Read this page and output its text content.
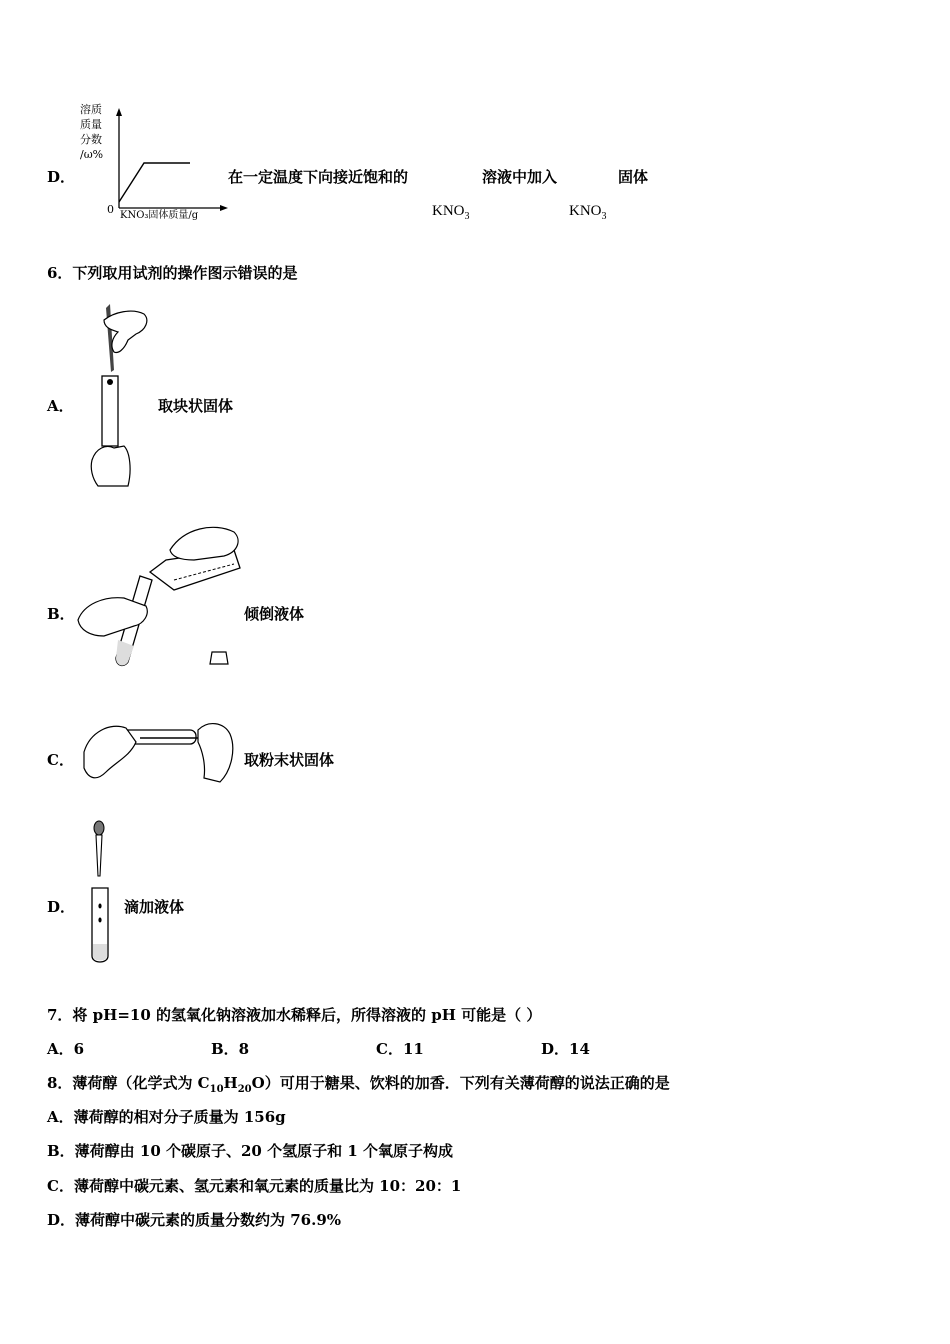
D．
溶质
质量
分数
/ω%
0 KNO₃固体质量/g
在一定温度下向接近饱和的	溶液中加入	固体
$KNO_3$	$KNO_3$
6．下列取用试剂的操作图示错误的是
A．	取块状固体
B．	倾倒液体
C．	取粉末状固体
D．	滴加液体
7．将 pH=10 的氢氧化钠溶液加水稀释后，所得溶液的 pH 可能是（ ）
A．6	B．8	C．11	D．14
8．薄荷醇（化学式为 $C_{10}H_{20}O$）可用于糖果、饮料的加香．下列有关薄荷醇的说法正确的是
A．薄荷醇的相对分子质量为 156g
B．薄荷醇由 10 个碳原子、20 个氢原子和 1 个氧原子构成
C．薄荷醇中碳元素、氢元素和氧元素的质量比为 10：20：1
D．薄荷醇中碳元素的质量分数约为 76.9%
